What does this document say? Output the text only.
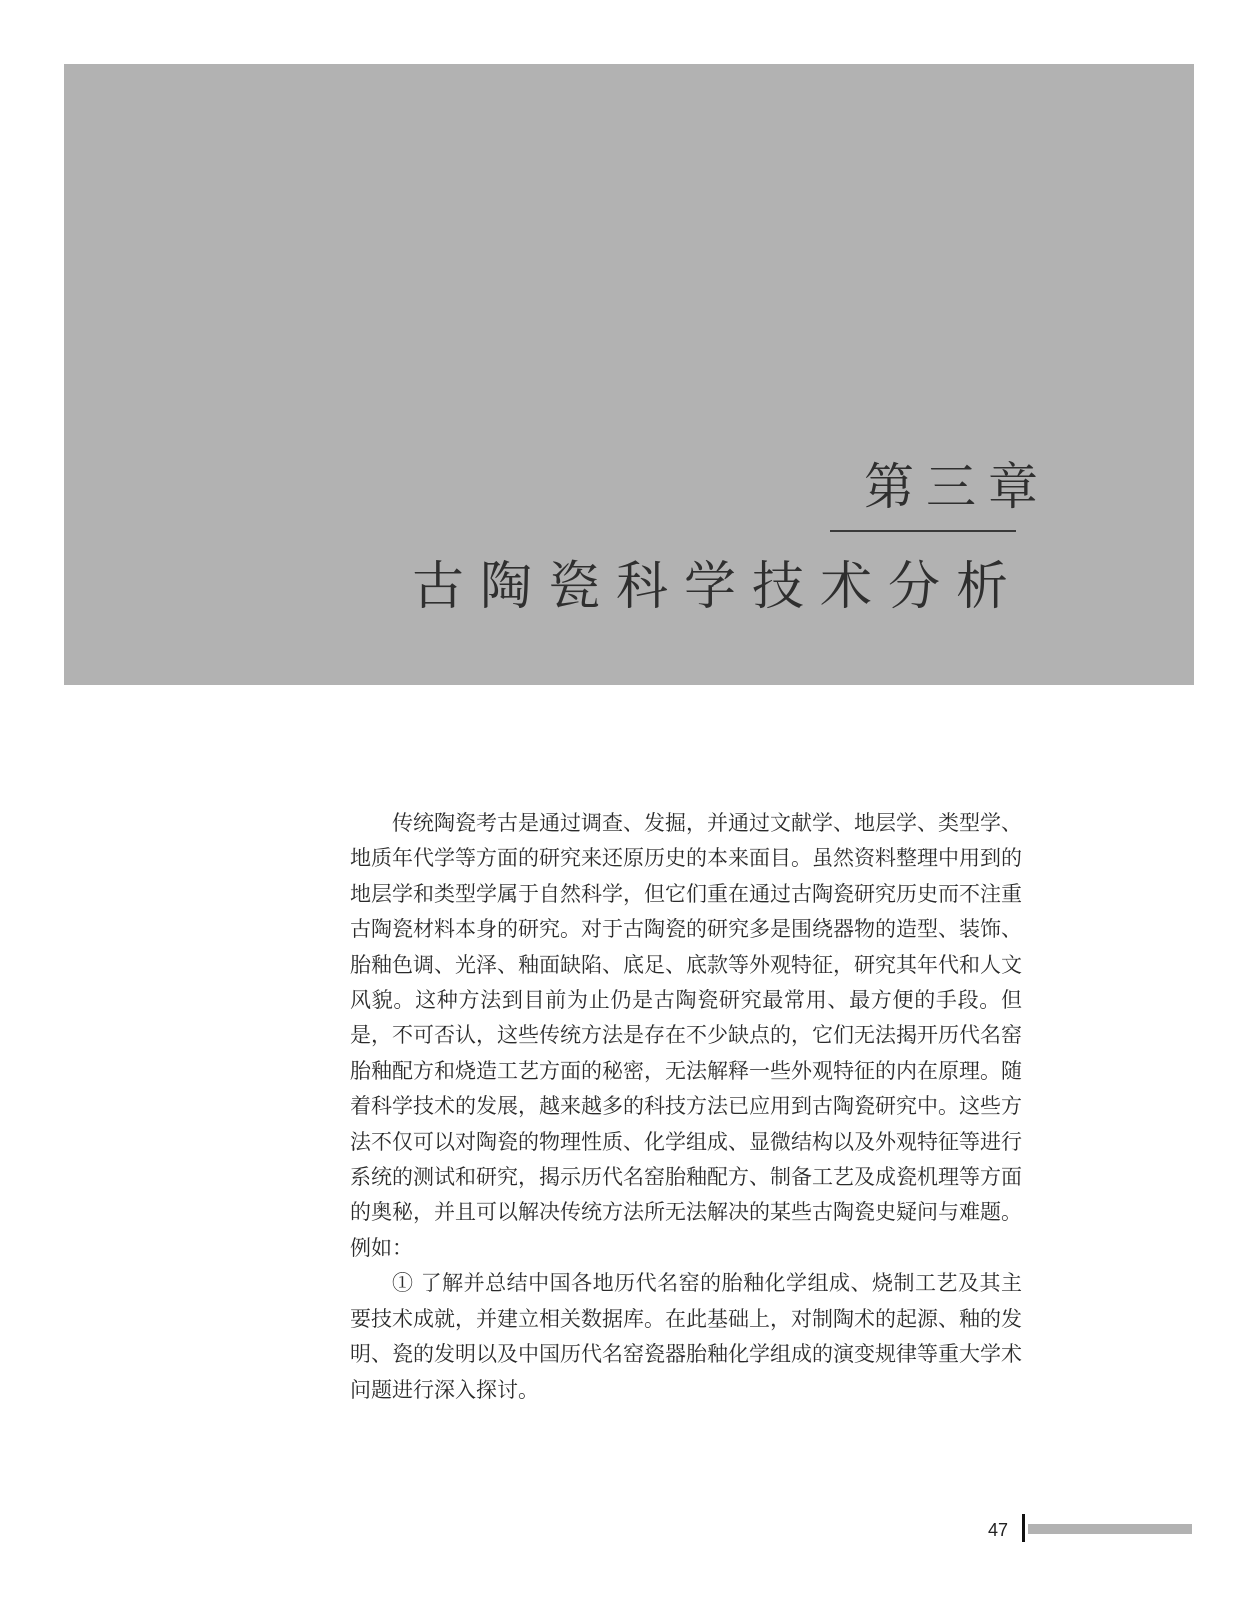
第三章
古陶瓷科学技术分析

传统陶瓷考古是通过调查、发掘，并通过文献学、地层学、类型学、地质年代学等方面的研究来还原历史的本来面目。虽然资料整理中用到的地层学和类型学属于自然科学，但它们重在通过古陶瓷研究历史而不注重古陶瓷材料本身的研究。对于古陶瓷的研究多是围绕器物的造型、装饰、胎釉色调、光泽、釉面缺陷、底足、底款等外观特征，研究其年代和人文风貌。这种方法到目前为止仍是古陶瓷研究最常用、最方便的手段。但是，不可否认，这些传统方法是存在不少缺点的，它们无法揭开历代名窑胎釉配方和烧造工艺方面的秘密，无法解释一些外观特征的内在原理。随着科学技术的发展，越来越多的科技方法已应用到古陶瓷研究中。这些方法不仅可以对陶瓷的物理性质、化学组成、显微结构以及外观特征等进行系统的测试和研究，揭示历代名窑胎釉配方、制备工艺及成瓷机理等方面的奥秘，并且可以解决传统方法所无法解决的某些古陶瓷史疑问与难题。例如：

① 了解并总结中国各地历代名窑的胎釉化学组成、烧制工艺及其主要技术成就，并建立相关数据库。在此基础上，对制陶术的起源、釉的发明、瓷的发明以及中国历代名窑瓷器胎釉化学组成的演变规律等重大学术问题进行深入探讨。

47
